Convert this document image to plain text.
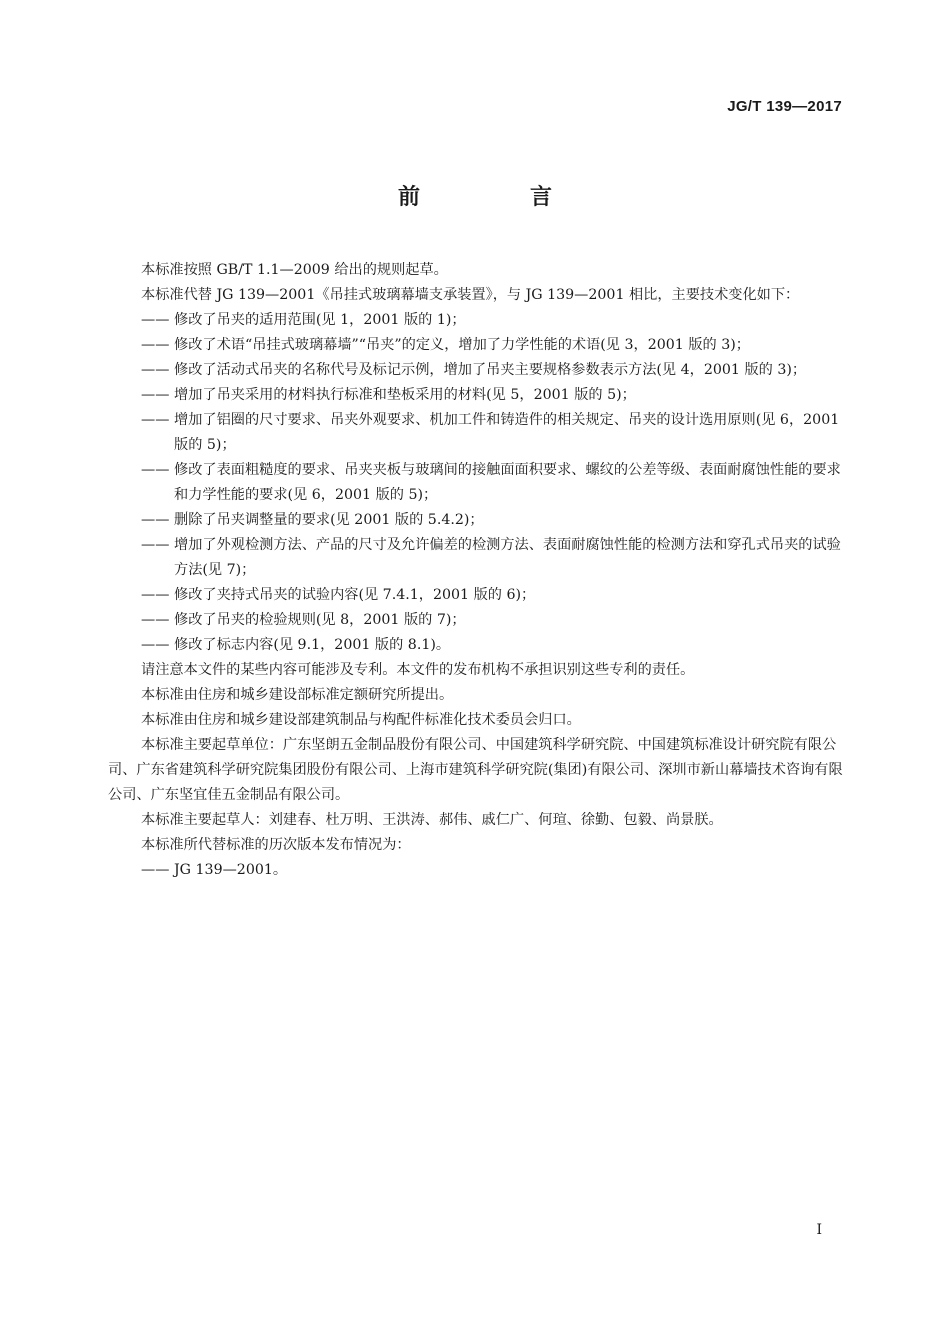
JG/T 139—2017
前　言

本标准按照 GB/T 1.1—2009 给出的规则起草。

本标准代替 JG 139—2001《吊挂式玻璃幕墙支承装置》，与 JG 139—2001 相比，主要技术变化如下：

—— 修改了吊夹的适用范围(见 1，2001 版的 1)；

—— 修改了术语“吊挂式玻璃幕墙”“吊夹”的定义，增加了力学性能的术语(见 3，2001 版的 3)；

—— 修改了活动式吊夹的名称代号及标记示例，增加了吊夹主要规格参数表示方法(见 4，2001 版的 3)；

—— 增加了吊夹采用的材料执行标准和垫板采用的材料(见 5，2001 版的 5)；

—— 增加了铝圈的尺寸要求、吊夹外观要求、机加工件和铸造件的相关规定、吊夹的设计选用原则(见 6，2001 版的 5)；

—— 修改了表面粗糙度的要求、吊夹夹板与玻璃间的接触面面积要求、螺纹的公差等级、表面耐腐蚀性能的要求和力学性能的要求(见 6，2001 版的 5)；

—— 删除了吊夹调整量的要求(见 2001 版的 5.4.2)；

—— 增加了外观检测方法、产品的尺寸及允许偏差的检测方法、表面耐腐蚀性能的检测方法和穿孔式吊夹的试验方法(见 7)；

—— 修改了夹持式吊夹的试验内容(见 7.4.1，2001 版的 6)；

—— 修改了吊夹的检验规则(见 8，2001 版的 7)；

—— 修改了标志内容(见 9.1，2001 版的 8.1)。

请注意本文件的某些内容可能涉及专利。本文件的发布机构不承担识别这些专利的责任。

本标准由住房和城乡建设部标准定额研究所提出。

本标准由住房和城乡建设部建筑制品与构配件标准化技术委员会归口。

本标准主要起草单位：广东坚朗五金制品股份有限公司、中国建筑科学研究院、中国建筑标准设计研究院有限公司、广东省建筑科学研究院集团股份有限公司、上海市建筑科学研究院(集团)有限公司、深圳市新山幕墙技术咨询有限公司、广东坚宜佳五金制品有限公司。

本标准主要起草人：刘建春、杜万明、王洪涛、郝伟、戚仁广、何瑄、徐勤、包毅、尚景朕。

本标准所代替标准的历次版本发布情况为：

—— JG 139—2001。

I
